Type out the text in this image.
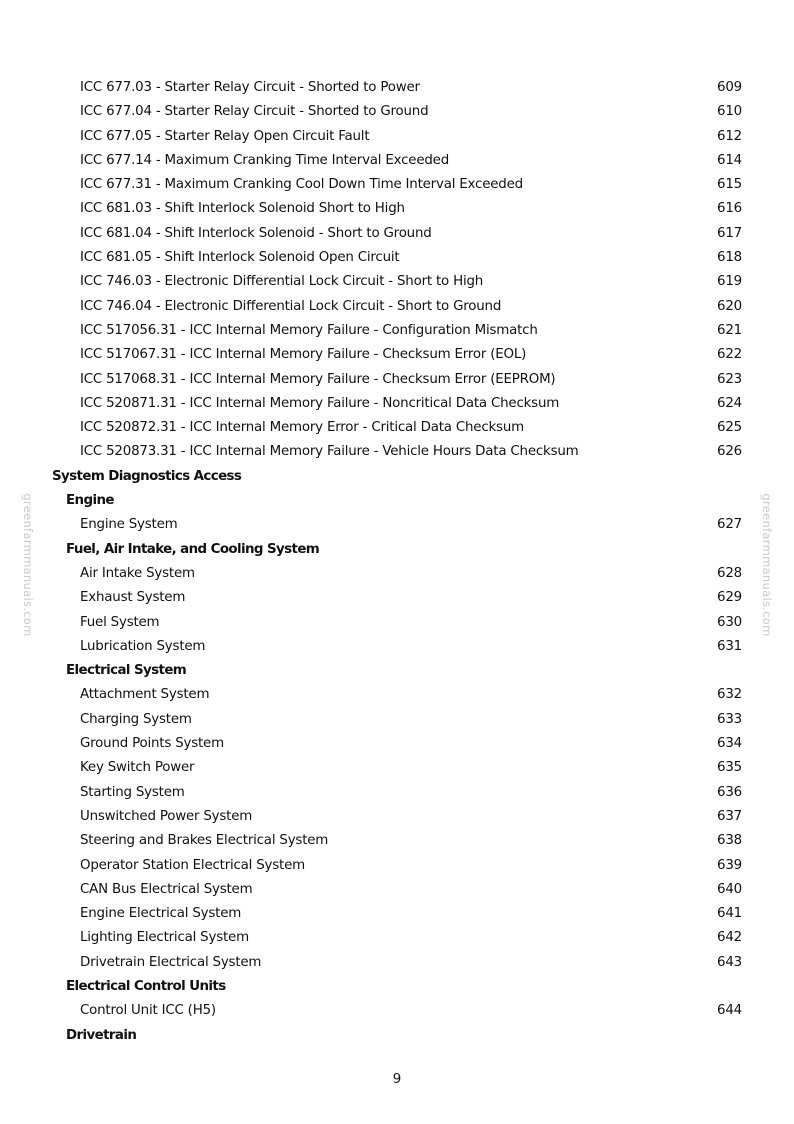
ICC 677.03 - Starter Relay Circuit - Shorted to Power	609
ICC 677.04 - Starter Relay Circuit - Shorted to Ground	610
ICC 677.05 - Starter Relay Open Circuit Fault	612
ICC 677.14 - Maximum Cranking Time Interval Exceeded	614
ICC 677.31 - Maximum Cranking Cool Down Time Interval Exceeded	615
ICC 681.03 - Shift Interlock Solenoid Short to High	616
ICC 681.04 - Shift Interlock Solenoid - Short to Ground	617
ICC 681.05 - Shift Interlock Solenoid Open Circuit	618
ICC 746.03 - Electronic Differential Lock Circuit - Short to High	619
ICC 746.04 - Electronic Differential Lock Circuit - Short to Ground	620
ICC 517056.31 - ICC Internal Memory Failure - Configuration Mismatch	621
ICC 517067.31 - ICC Internal Memory Failure - Checksum Error (EOL)	622
ICC 517068.31 - ICC Internal Memory Failure - Checksum Error (EEPROM)	623
ICC 520871.31 - ICC Internal Memory Failure - Noncritical Data Checksum	624
ICC 520872.31 - ICC Internal Memory Error - Critical Data Checksum	625
ICC 520873.31 - ICC Internal Memory Failure - Vehicle Hours Data Checksum	626
System Diagnostics Access
Engine
Engine System	627
Fuel, Air Intake, and Cooling System
Air Intake System	628
Exhaust System	629
Fuel System	630
Lubrication System	631
Electrical System
Attachment System	632
Charging System	633
Ground Points System	634
Key Switch Power	635
Starting System	636
Unswitched Power System	637
Steering and Brakes Electrical System	638
Operator Station Electrical System	639
CAN Bus Electrical System	640
Engine Electrical System	641
Lighting Electrical System	642
Drivetrain Electrical System	643
Electrical Control Units
Control Unit ICC (H5)	644
Drivetrain
greenfarmmanuals.com	greenfarmmanuals.com
9
